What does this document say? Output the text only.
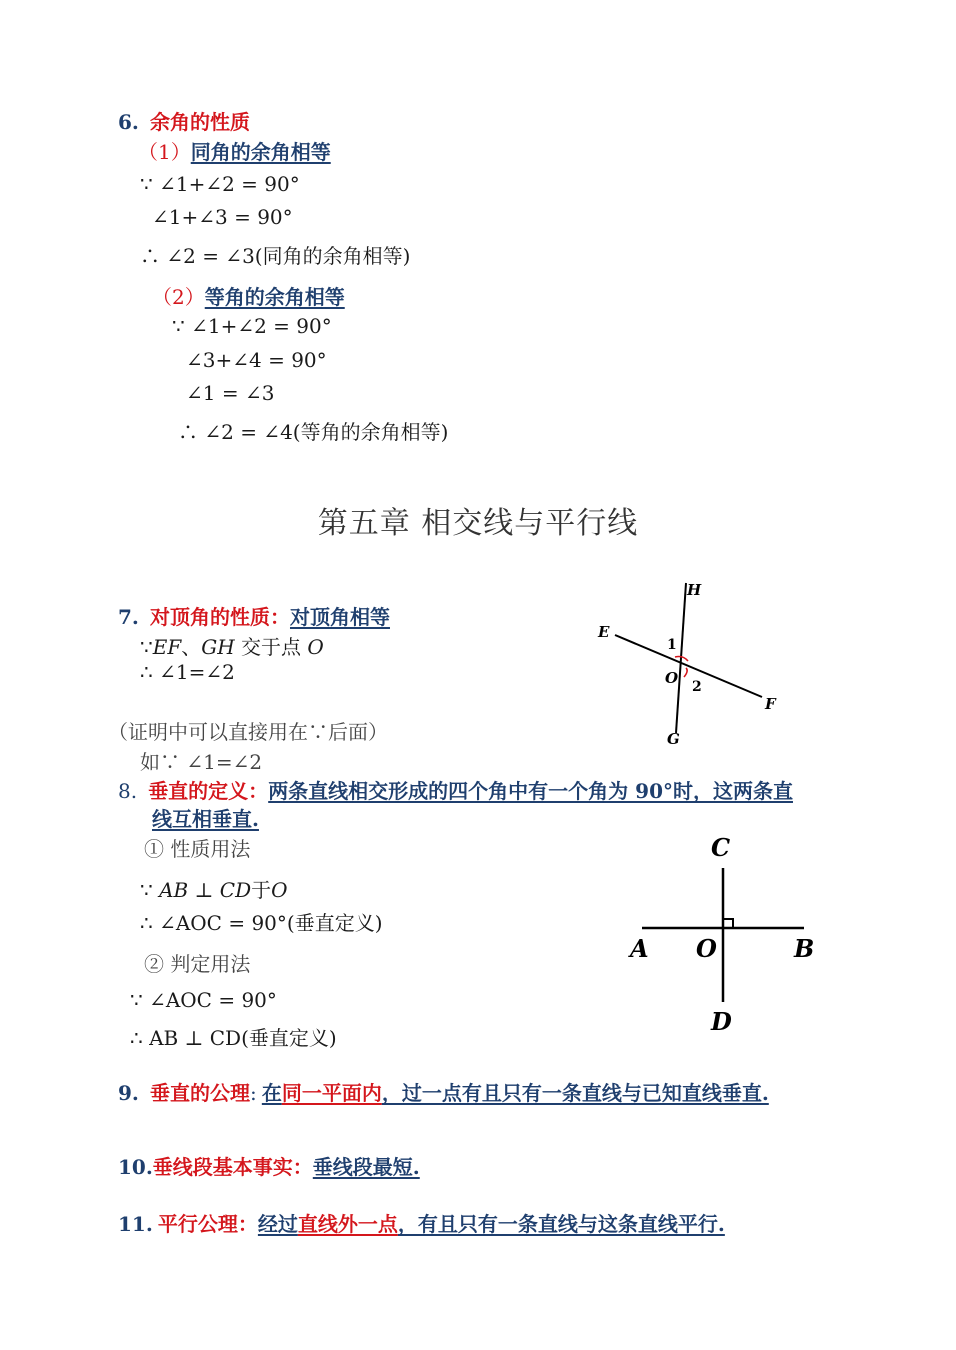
6. 余角的性质
（1）同角的余角相等
∵ ∠1+∠2 = 90°
∠1+∠3 = 90°
∴ ∠2 = ∠3(同角的余角相等)
（2）等角的余角相等
∵ ∠1+∠2 = 90°
∠3+∠4 = 90°
∠1 = ∠3
∴ ∠2 = ∠4(等角的余角相等)
第五章 相交线与平行线
7. 对顶角的性质：对顶角相等
∵EF、GH 交于点 O
∴ ∠1=∠2
（证明中可以直接用在∵后面）
如∵ ∠1=∠2
H
E
F
G
O
1
2
8. 垂直的定义：两条直线相交形成的四个角中有一个角为 90°时，这两条直
线互相垂直.
① 性质用法
∵ AB ⊥ CD于O
∴ ∠AOC = 90°(垂直定义)
② 判定用法
∵ ∠AOC = 90°
∴ AB ⊥ CD(垂直定义)
C
A O	B
D
9. 垂直的公理: 在同一平面内，过一点有且只有一条直线与已知直线垂直.
10.垂线段基本事实：垂线段最短.
11. 平行公理：经过直线外一点，有且只有一条直线与这条直线平行.
